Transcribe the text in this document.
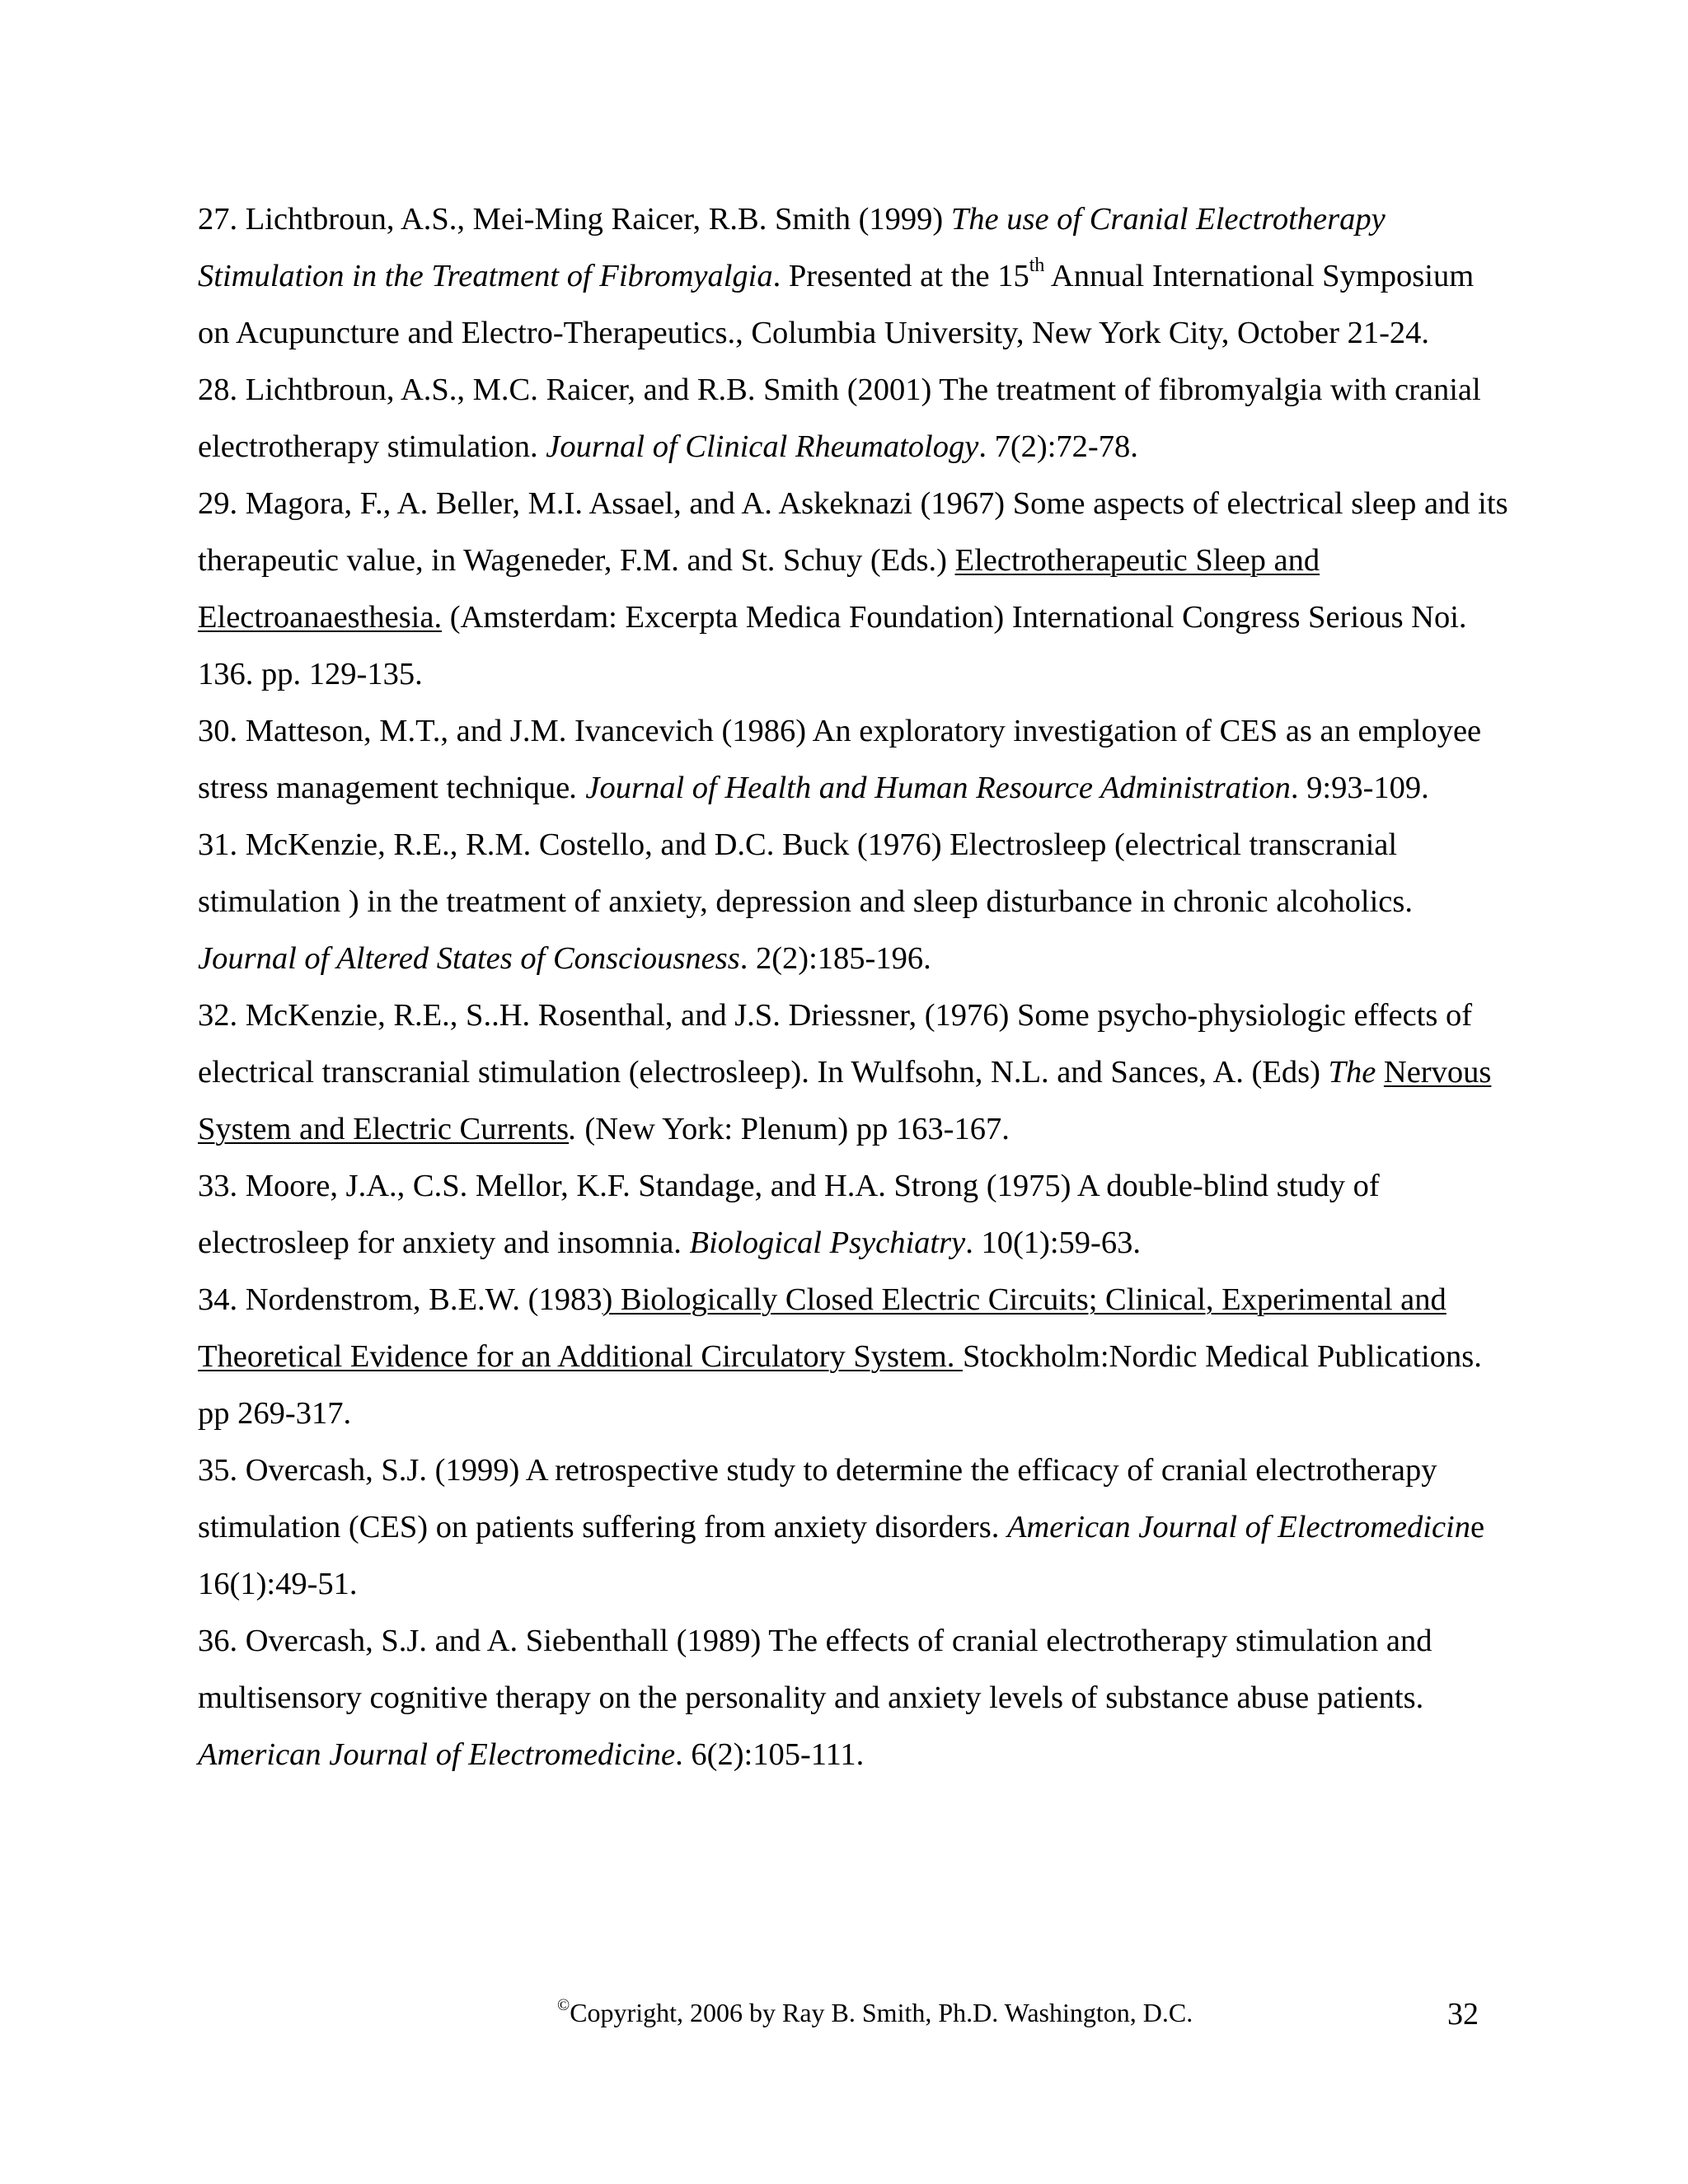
27. Lichtbroun, A.S., Mei-Ming Raicer, R.B. Smith (1999) The use of Cranial Electrotherapy Stimulation in the Treatment of Fibromyalgia. Presented at the 15th Annual International Symposium on Acupuncture and Electro-Therapeutics., Columbia University, New York City, October 21-24.

28. Lichtbroun, A.S., M.C. Raicer, and R.B. Smith (2001) The treatment of fibromyalgia with cranial electrotherapy stimulation. Journal of Clinical Rheumatology. 7(2):72-78.

29. Magora, F., A. Beller, M.I. Assael, and A. Askeknazi (1967) Some aspects of electrical sleep and its therapeutic value, in Wageneder, F.M. and St. Schuy (Eds.) Electrotherapeutic Sleep and Electroanaesthesia. (Amsterdam: Excerpta Medica Foundation) International Congress Serious Noi. 136. pp. 129-135.

30. Matteson, M.T., and J.M. Ivancevich (1986) An exploratory investigation of CES as an employee stress management technique. Journal of Health and Human Resource Administration. 9:93-109.

31. McKenzie, R.E., R.M. Costello, and D.C. Buck (1976) Electrosleep (electrical transcranial stimulation ) in the treatment of anxiety, depression and sleep disturbance in chronic alcoholics. Journal of Altered States of Consciousness. 2(2):185-196.

32. McKenzie, R.E., S..H. Rosenthal, and J.S. Driessner, (1976) Some psycho-physiologic effects of electrical transcranial stimulation (electrosleep). In Wulfsohn, N.L. and Sances, A. (Eds) The Nervous System and Electric Currents. (New York: Plenum) pp 163-167.

33. Moore, J.A., C.S. Mellor, K.F. Standage, and H.A. Strong (1975) A double-blind study of electrosleep for anxiety and insomnia. Biological Psychiatry. 10(1):59-63.

34. Nordenstrom, B.E.W. (1983) Biologically Closed Electric Circuits; Clinical, Experimental and Theoretical Evidence for an Additional Circulatory System. Stockholm:Nordic Medical Publications. pp 269-317.

35. Overcash, S.J. (1999) A retrospective study to determine the efficacy of cranial electrotherapy stimulation (CES) on patients suffering from anxiety disorders. American Journal of Electromedicine 16(1):49-51.

36. Overcash, S.J. and A. Siebenthall (1989) The effects of cranial electrotherapy stimulation and multisensory cognitive therapy on the personality and anxiety levels of substance abuse patients. American Journal of Electromedicine. 6(2):105-111.

©Copyright, 2006 by Ray B. Smith, Ph.D. Washington, D.C.	32
